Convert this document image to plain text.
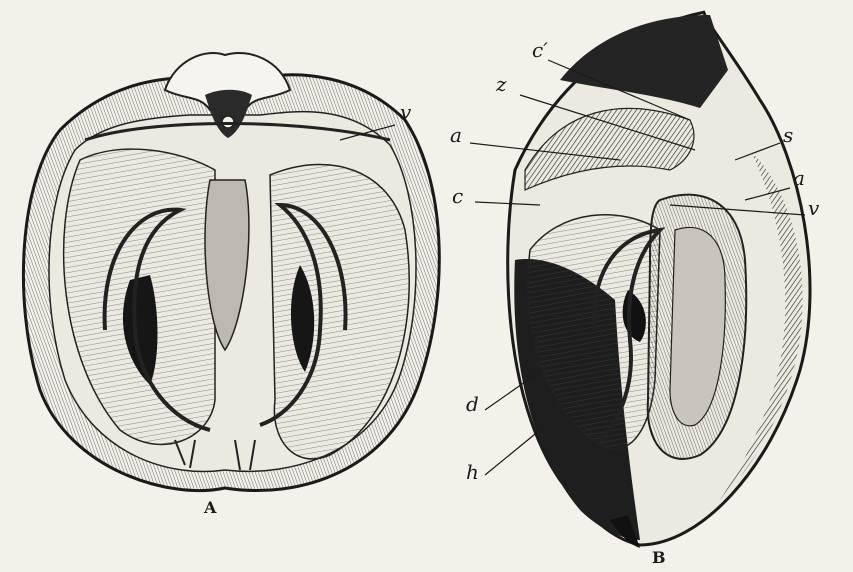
v
A
c′
z
a	s
a
c	v
d
h
B
